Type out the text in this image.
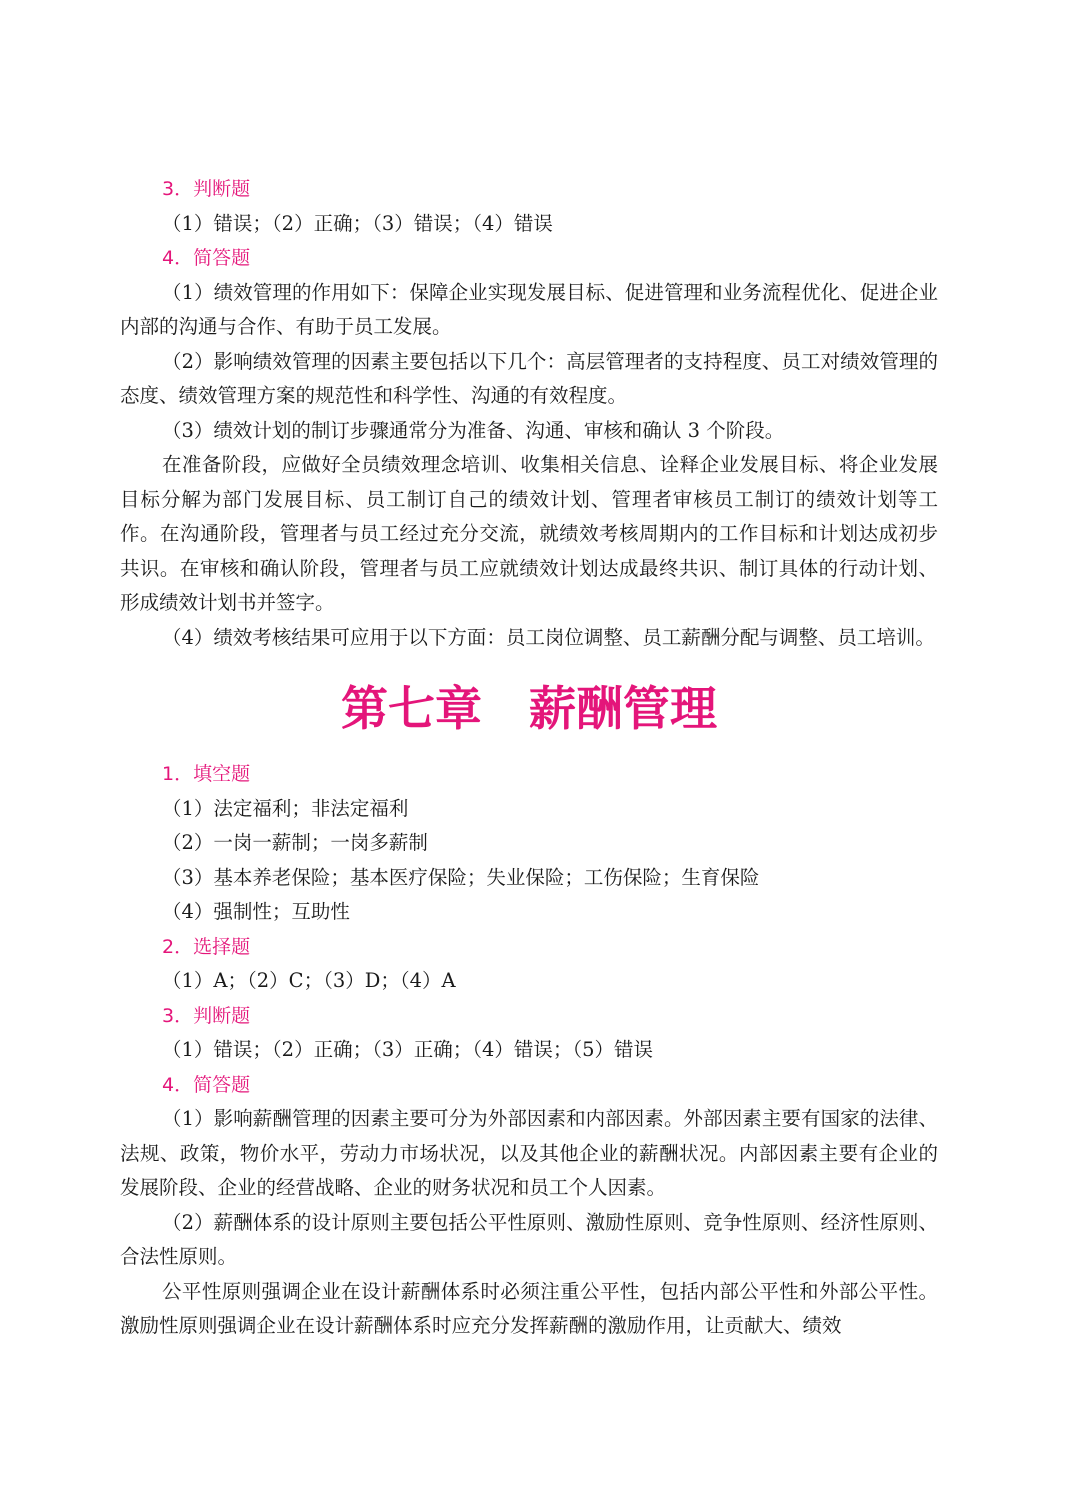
3．判断题
（1）错误；（2）正确；（3）错误；（4）错误
4．简答题

（1）绩效管理的作用如下：保障企业实现发展目标、促进管理和业务流程优化、促进企业内部的沟通与合作、有助于员工发展。

（2）影响绩效管理的因素主要包括以下几个：高层管理者的支持程度、员工对绩效管理的态度、绩效管理方案的规范性和科学性、沟通的有效程度。

（3）绩效计划的制订步骤通常分为准备、沟通、审核和确认 3 个阶段。

在准备阶段，应做好全员绩效理念培训、收集相关信息、诠释企业发展目标、将企业发展目标分解为部门发展目标、员工制订自己的绩效计划、管理者审核员工制订的绩效计划等工作。在沟通阶段，管理者与员工经过充分交流，就绩效考核周期内的工作目标和计划达成初步共识。在审核和确认阶段，管理者与员工应就绩效计划达成最终共识、制订具体的行动计划、形成绩效计划书并签字。

（4）绩效考核结果可应用于以下方面：员工岗位调整、员工薪酬分配与调整、员工培训。

第七章　薪酬管理
1．填空题
（1）法定福利；非法定福利
（2）一岗一薪制；一岗多薪制
（3）基本养老保险；基本医疗保险；失业保险；工伤保险；生育保险
（4）强制性；互助性
2．选择题
（1）A；（2）C；（3）D；（4）A
3．判断题
（1）错误；（2）正确；（3）正确；（4）错误；（5）错误
4．简答题

（1）影响薪酬管理的因素主要可分为外部因素和内部因素。外部因素主要有国家的法律、法规、政策，物价水平，劳动力市场状况，以及其他企业的薪酬状况。内部因素主要有企业的发展阶段、企业的经营战略、企业的财务状况和员工个人因素。

（2）薪酬体系的设计原则主要包括公平性原则、激励性原则、竞争性原则、经济性原则、合法性原则。

公平性原则强调企业在设计薪酬体系时必须注重公平性，包括内部公平性和外部公平性。激励性原则强调企业在设计薪酬体系时应充分发挥薪酬的激励作用，让贡献大、绩效
